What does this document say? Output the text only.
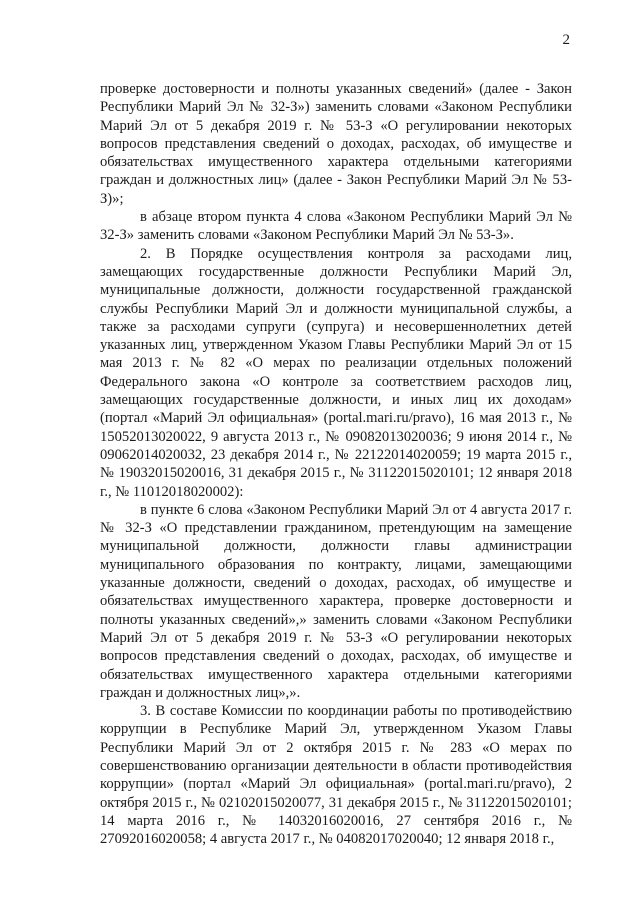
2

проверке достоверности и полноты указанных сведений» (далее - Закон Республики Марий Эл № 32-З») заменить словами «Законом Республики Марий Эл от 5 декабря 2019 г. № 53-З «О регулировании некоторых вопросов представления сведений о доходах, расходах, об имуществе и обязательствах имущественного характера отдельными категориями граждан и должностных лиц» (далее - Закон Республики Марий Эл № 53-З)»;

в абзаце втором пункта 4 слова «Законом Республики Марий Эл № 32-З» заменить словами «Законом Республики Марий Эл № 53-З».

2. В Порядке осуществления контроля за расходами лиц, замещающих государственные должности Республики Марий Эл, муниципальные должности, должности государственной гражданской службы Республики Марий Эл и должности муниципальной службы, а также за расходами супруги (супруга) и несовершеннолетних детей указанных лиц, утвержденном Указом Главы Республики Марий Эл от 15 мая 2013 г. № 82 «О мерах по реализации отдельных положений Федерального закона «О контроле за соответствием расходов лиц, замещающих государственные должности, и иных лиц их доходам» (портал «Марий Эл официальная» (portal.mari.ru/pravo), 16 мая 2013 г., № 15052013020022, 9 августа 2013 г., № 09082013020036; 9 июня 2014 г., № 09062014020032, 23 декабря 2014 г., № 22122014020059; 19 марта 2015 г., № 19032015020016, 31 декабря 2015 г., № 31122015020101; 12 января 2018 г., № 11012018020002):

в пункте 6 слова «Законом Республики Марий Эл от 4 августа 2017 г. № 32-З «О представлении гражданином, претендующим на замещение муниципальной должности, должности главы администрации муниципального образования по контракту, лицами, замещающими указанные должности, сведений о доходах, расходах, об имуществе и обязательствах имущественного характера, проверке достоверности и полноты указанных сведений»,» заменить словами «Законом Республики Марий Эл от 5 декабря 2019 г. № 53-З «О регулировании некоторых вопросов представления сведений о доходах, расходах, об имуществе и обязательствах имущественного характера отдельными категориями граждан и должностных лиц»,».

3. В составе Комиссии по координации работы по противодействию коррупции в Республике Марий Эл, утвержденном Указом Главы Республики Марий Эл от 2 октября 2015 г. № 283 «О мерах по совершенствованию организации деятельности в области противодействия коррупции» (портал «Марий Эл официальная» (portal.mari.ru/pravo), 2 октября 2015 г., № 02102015020077, 31 декабря 2015 г., № 31122015020101; 14 марта 2016 г., № 14032016020016, 27 сентября 2016 г., № 27092016020058; 4 августа 2017 г., № 04082017020040; 12 января 2018 г.,
